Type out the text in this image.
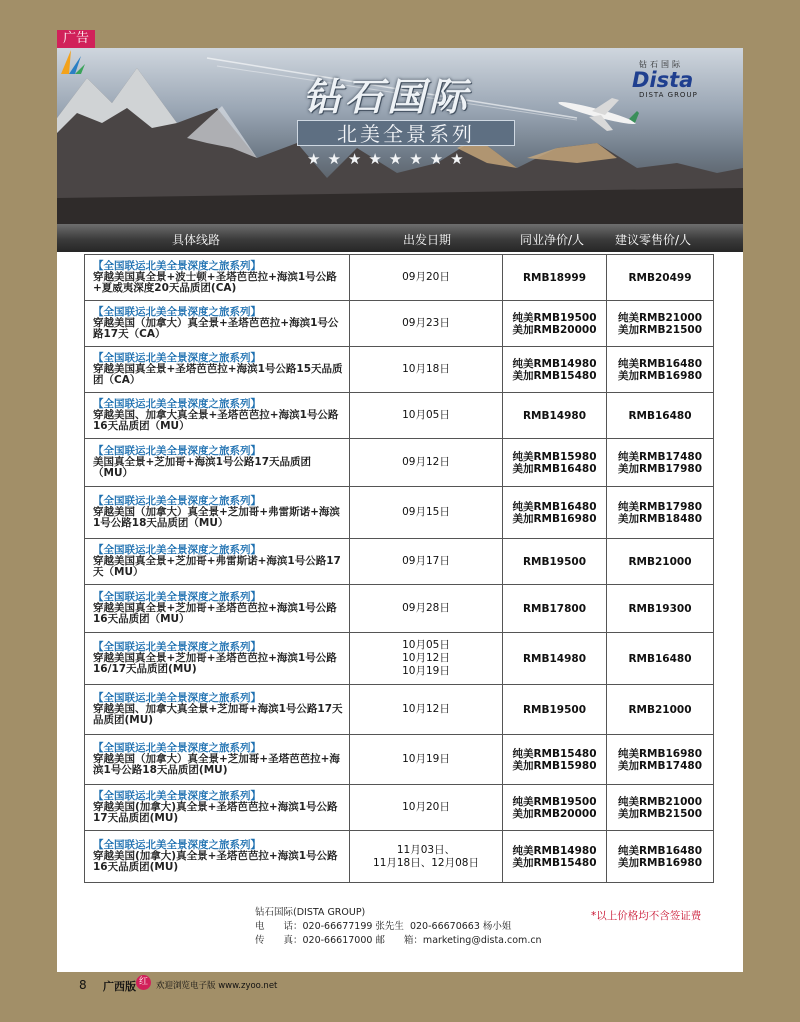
广告
钻石国际
北美全景系列
★★★★★★★★
钻石国际
Dista
DISTA GROUP
具体线路	出发日期	同业净价/人	建议零售价/人
【全国联运北美全景深度之旅系列】
穿越美国真全景+波士顿+圣塔芭芭拉+海滨1号公路+夏威夷深度20天品质团(CA)	09月20日	RMB18999	RMB20499

【全国联运北美全景深度之旅系列】
穿越美国（加拿大）真全景+圣塔芭芭拉+海滨1号公路17天（CA）	09月23日	纯美RMB19500
美加RMB20000	纯美RMB21000
美加RMB21500

【全国联运北美全景深度之旅系列】
穿越美国真全景+圣塔芭芭拉+海滨1号公路15天品质团（CA）	10月18日	纯美RMB14980
美加RMB15480	纯美RMB16480
美加RMB16980

【全国联运北美全景深度之旅系列】
穿越美国、加拿大真全景+圣塔芭芭拉+海滨1号公路16天品质团（MU）	10月05日	RMB14980	RMB16480

【全国联运北美全景深度之旅系列】
美国真全景+芝加哥+海滨1号公路17天品质团（MU）	09月12日	纯美RMB15980
美加RMB16480	纯美RMB17480
美加RMB17980

【全国联运北美全景深度之旅系列】
穿越美国（加拿大）真全景+芝加哥+弗雷斯诺+海滨1号公路18天品质团（MU）	09月15日	纯美RMB16480
美加RMB16980	纯美RMB17980
美加RMB18480

【全国联运北美全景深度之旅系列】
穿越美国真全景+芝加哥+弗雷斯诺+海滨1号公路17天（MU）	09月17日	RMB19500	RMB21000

【全国联运北美全景深度之旅系列】
穿越美国真全景+芝加哥+圣塔芭芭拉+海滨1号公路16天品质团（MU）	09月28日	RMB17800	RMB19300

【全国联运北美全景深度之旅系列】
穿越美国真全景+芝加哥+圣塔芭芭拉+海滨1号公路16/17天品质团(MU)	10月05日
10月12日
10月19日	RMB14980	RMB16480

【全国联运北美全景深度之旅系列】
穿越美国、加拿大真全景+芝加哥+海滨1号公路17天品质团(MU)	10月12日	RMB19500	RMB21000

【全国联运北美全景深度之旅系列】
穿越美国（加拿大）真全景+芝加哥+圣塔芭芭拉+海滨1号公路18天品质团(MU)	10月19日	纯美RMB15480
美加RMB15980	纯美RMB16980
美加RMB17480

【全国联运北美全景深度之旅系列】
穿越美国(加拿大)真全景+圣塔芭芭拉+海滨1号公路17天品质团(MU)	10月20日	纯美RMB19500
美加RMB20000	纯美RMB21000
美加RMB21500

【全国联运北美全景深度之旅系列】
穿越美国(加拿大)真全景+圣塔芭芭拉+海滨1号公路16天品质团(MU)	11月03日、
11月18日、12月08日	纯美RMB14980
美加RMB15480	纯美RMB16480
美加RMB16980
钻石国际(DISTA GROUP)
电　　话：020-66677199 张先生  020-66670663 杨小姐
传　　真：020-66617000 邮　　箱：marketing@dista.com.cn
*以上价格均不含签证费
8 广西版 红 欢迎浏览电子版 www.zyoo.net
